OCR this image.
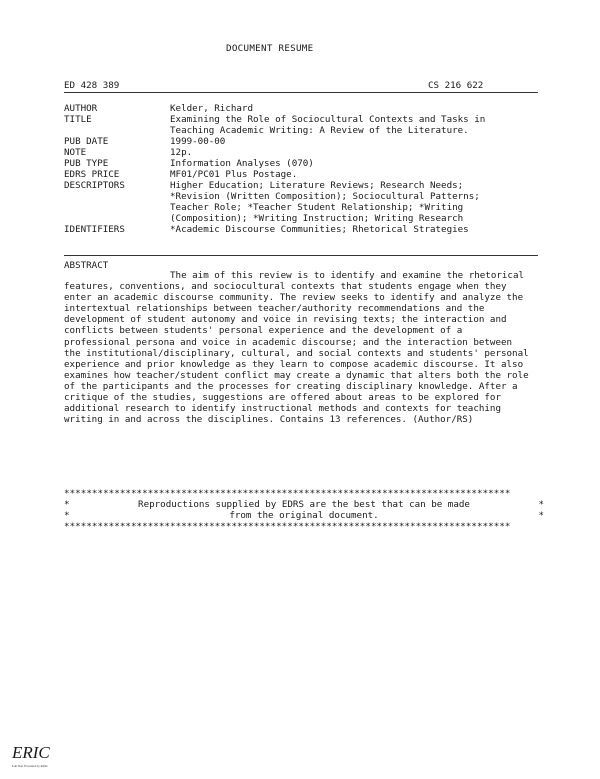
DOCUMENT RESUME
ED 428 389	CS 216 622
AUTHOR	Kelder, Richard
TITLE	Examining the Role of Sociocultural Contexts and Tasks in
Teaching Academic Writing: A Review of the Literature.
PUB DATE	1999-00-00
NOTE	12p.
PUB TYPE	Information Analyses (070)
EDRS PRICE	MF01/PC01 Plus Postage.
DESCRIPTORS	Higher Education; Literature Reviews; Research Needs;
*Revision (Written Composition); Sociocultural Patterns;
Teacher Role; *Teacher Student Relationship; *Writing
(Composition); *Writing Instruction; Writing Research
IDENTIFIERS	*Academic Discourse Communities; Rhetorical Strategies
ABSTRACT
The aim of this review is to identify and examine the rhetorical features, conventions, and sociocultural contexts that students engage when they enter an academic discourse community. The review seeks to identify and analyze the intertextual relationships between teacher/authority recommendations and the development of student autonomy and voice in revising texts; the interaction and conflicts between students' personal experience and the development of a professional persona and voice in academic discourse; and the interaction between the institutional/disciplinary, cultural, and social contexts and students' personal experience and prior knowledge as they learn to compose academic discourse. It also examines how teacher/student conflict may create a dynamic that alters both the role of the participants and the processes for creating disciplinary knowledge. After a critique of the studies, suggestions are offered about areas to be explored for additional research to identify instructional methods and contexts for teaching writing in and across the disciplines. Contains 13 references. (Author/RS)
********************************************************************************
*	Reproductions supplied by EDRS are the best that can be made	*
*	from the original document.	*
********************************************************************************
ERIC
Full Text Provided by ERIC
